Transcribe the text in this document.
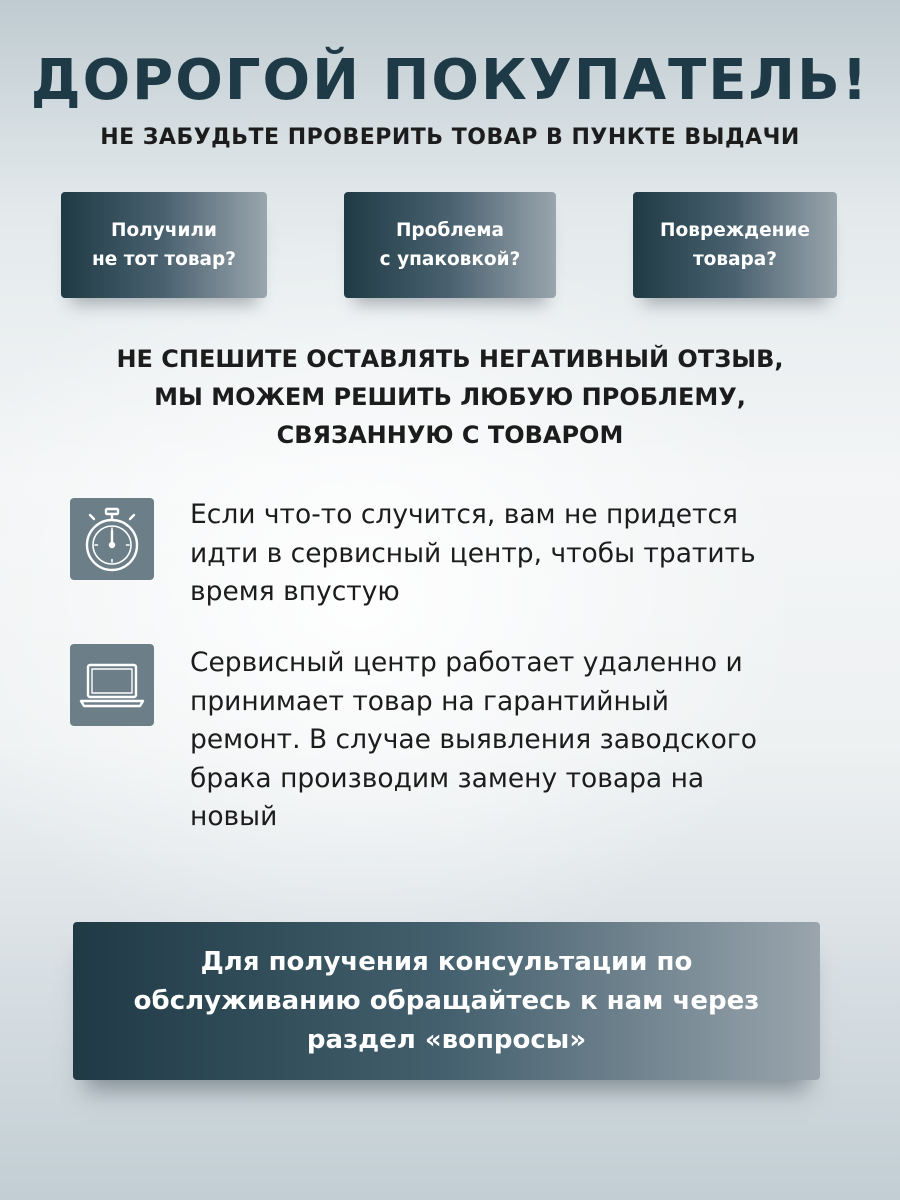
ДОРОГОЙ ПОКУПАТЕЛЬ!

НЕ ЗАБУДЬТЕ ПРОВЕРИТЬ ТОВАР В ПУНКТЕ ВЫДАЧИ

Получили
не тот товар?
Проблема
с упаковкой?
Повреждение
товара?

НЕ СПЕШИТЕ ОСТАВЛЯТЬ НЕГАТИВНЫЙ ОТЗЫВ,
МЫ МОЖЕМ РЕШИТЬ ЛЮБУЮ ПРОБЛЕМУ,
СВЯЗАННУЮ С ТОВАРОМ

Если что-то случится, вам не придется
идти в сервисный центр, чтобы тратить
время впустую

Сервисный центр работает удаленно и
принимает товар на гарантийный
ремонт. В случае выявления заводского
брака производим замену товара на
новый

Для получения консультации по
обслуживанию обращайтесь к нам через
раздел «вопросы»
